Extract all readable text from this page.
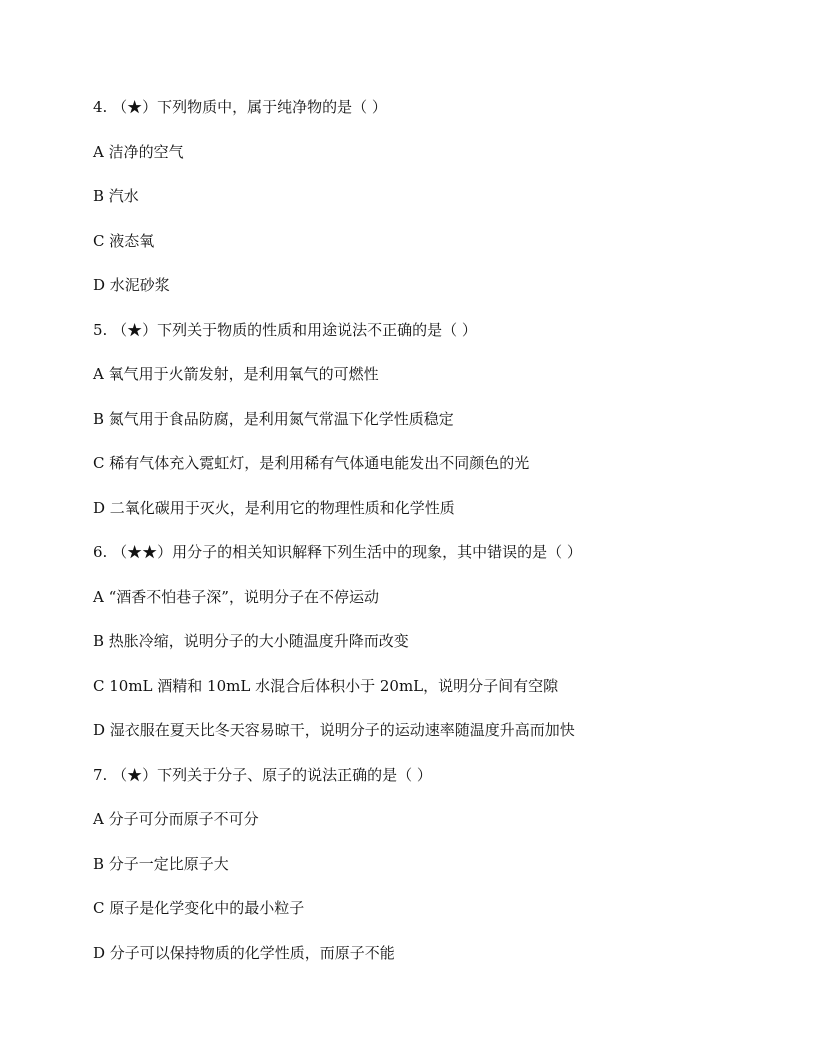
4. （★）下列物质中，属于纯净物的是（ ）
A 洁净的空气
B 汽水
C 液态氧
D 水泥砂浆
5. （★）下列关于物质的性质和用途说法不正确的是（ ）
A 氧气用于火箭发射，是利用氧气的可燃性
B 氮气用于食品防腐，是利用氮气常温下化学性质稳定
C 稀有气体充入霓虹灯，是利用稀有气体通电能发出不同颜色的光
D 二氧化碳用于灭火，是利用它的物理性质和化学性质
6. （★★）用分子的相关知识解释下列生活中的现象，其中错误的是（ ）
A “酒香不怕巷子深”，说明分子在不停运动
B 热胀冷缩，说明分子的大小随温度升降而改变
C 10mL 酒精和 10mL 水混合后体积小于 20mL，说明分子间有空隙
D 湿衣服在夏天比冬天容易晾干，说明分子的运动速率随温度升高而加快
7. （★）下列关于分子、原子的说法正确的是（ ）
A 分子可分而原子不可分
B 分子一定比原子大
C 原子是化学变化中的最小粒子
D 分子可以保持物质的化学性质，而原子不能
